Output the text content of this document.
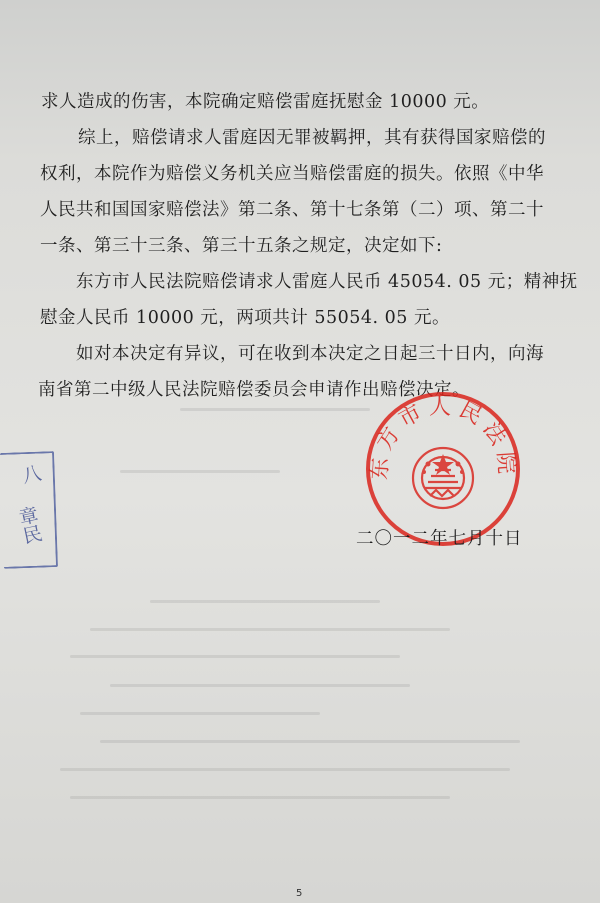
求人造成的伤害，本院确定赔偿雷庭抚慰金 10000 元。
综上，赔偿请求人雷庭因无罪被羁押，其有获得国家赔偿的
权利，本院作为赔偿义务机关应当赔偿雷庭的损失。依照《中华
人民共和国国家赔偿法》第二条、第十七条第（二）项、第二十
一条、第三十三条、第三十五条之规定，决定如下:
东方市人民法院赔偿请求人雷庭人民币 45054. 05 元；精神抚
慰金人民币 10000 元，两项共计 55054. 05 元。
如对本决定有异议，可在收到本决定之日起三十日内，向海
南省第二中级人民法院赔偿委员会申请作出赔偿决定。
东方市人民法院
二〇一二年七月十日
八
章民
5
